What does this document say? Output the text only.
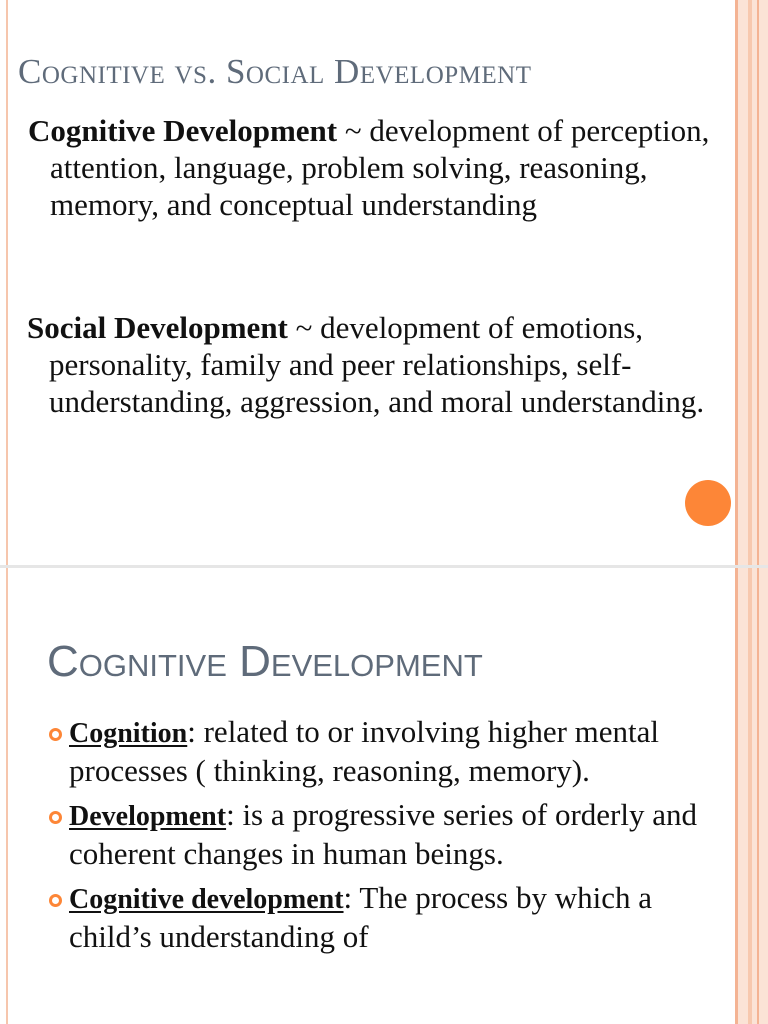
Cognitive vs. Social Development

Cognitive Development ~ development of perception, attention, language, problem solving, reasoning, memory, and conceptual understanding

Social Development ~ development of emotions, personality, family and peer relationships, self-understanding, aggression, and moral understanding.

Cognitive Development
Cognition: related to or involving higher mental processes ( thinking, reasoning, memory).
Development: is a progressive series of orderly and coherent changes in human beings.
Cognitive development: The process by which a child’s understanding of
